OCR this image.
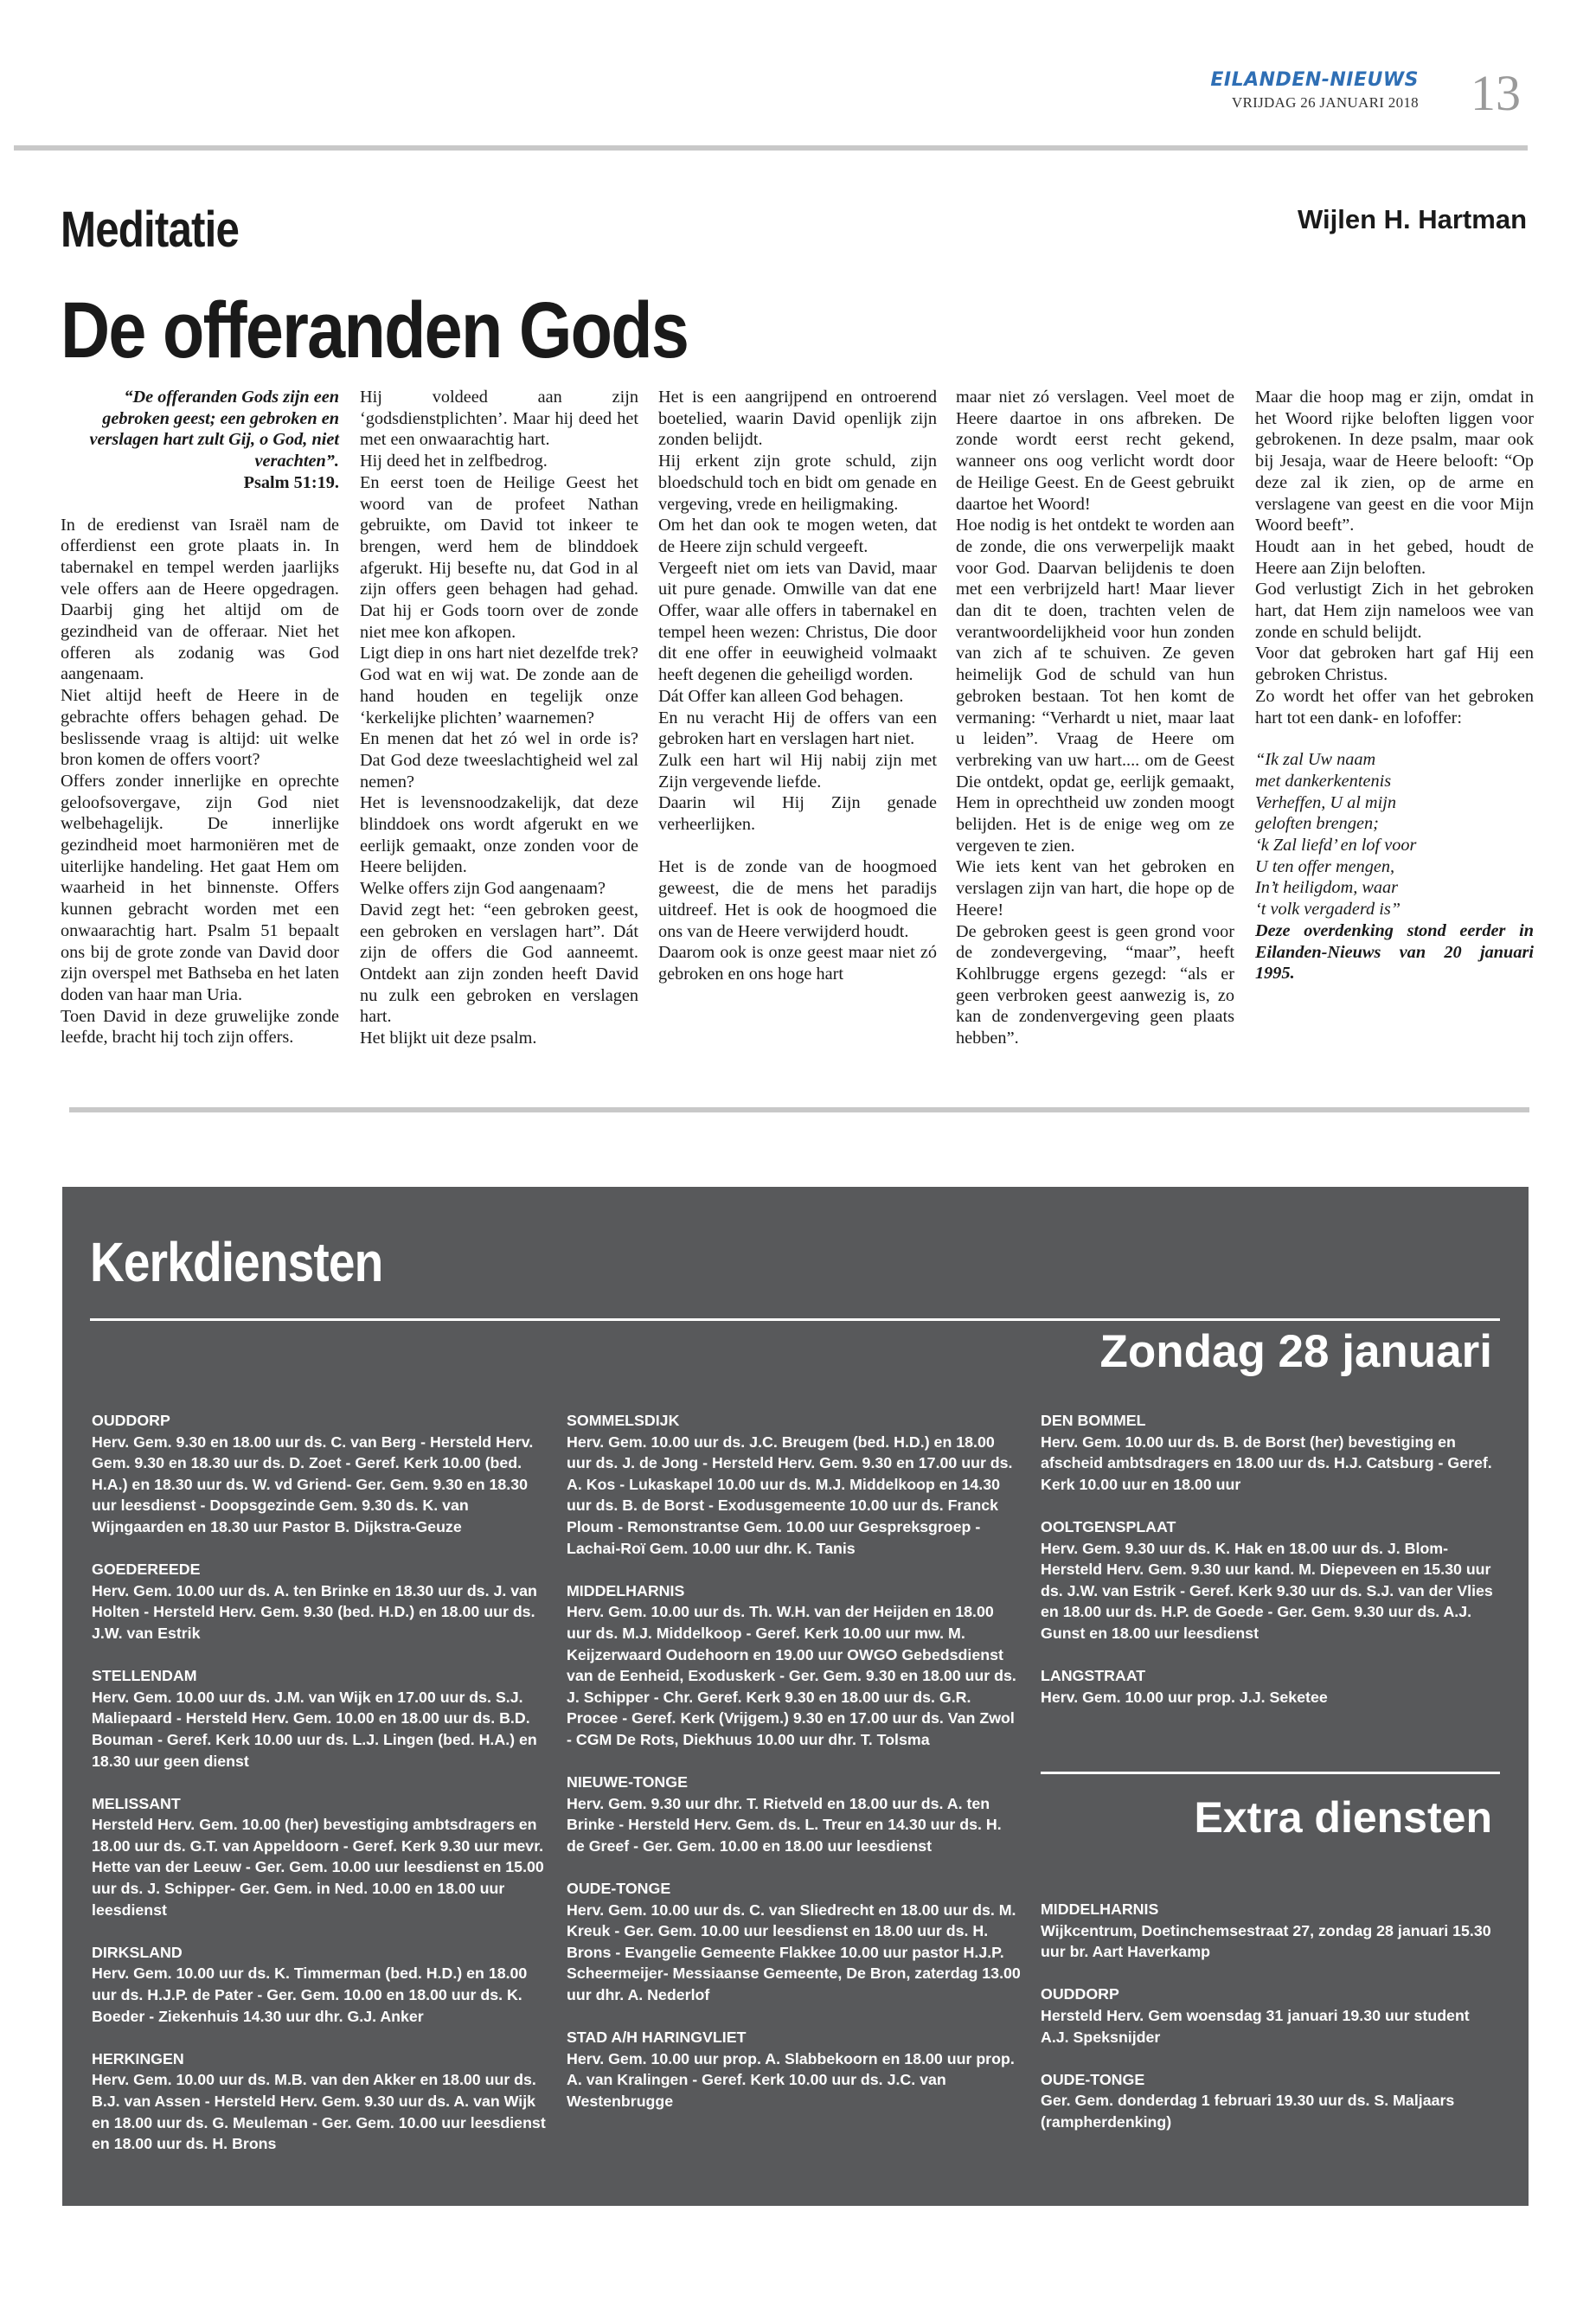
EILANDEN-NIEUWS
VRIJDAG 26 JANUARI 2018 13
Meditatie	Wijlen H. Hartman
De offeranden Gods
“De offeranden Gods zijn een gebroken geest; een gebroken en verslagen hart zult Gij, o God, niet verachten”.
Psalm 51:19.

In de eredienst van Israël nam de offerdienst een grote plaats in. In tabernakel en tempel werden jaarlijks vele offers aan de Heere opgedragen. Daarbij ging het altijd om de gezindheid van de offeraar. Niet het offeren als zodanig was God aangenaam.

Niet altijd heeft de Heere in de gebrachte offers behagen gehad. De beslissende vraag is altijd: uit welke bron komen de offers voort?

Offers zonder innerlijke en oprechte geloofsovergave, zijn God niet welbehagelijk. De innerlijke gezindheid moet harmoniëren met de uiterlijke handeling. Het gaat Hem om waarheid in het binnenste. Offers kunnen gebracht worden met een onwaarachtig hart. Psalm 51 bepaalt ons bij de grote zonde van David door zijn overspel met Bathseba en het laten doden van haar man Uria.

Toen David in deze gruwelijke zonde leefde, bracht hij toch zijn offers.

Hij voldeed aan zijn ‘godsdienstplichten’. Maar hij deed het met een onwaarachtig hart.

Hij deed het in zelfbedrog.

En eerst toen de Heilige Geest het woord van de profeet Nathan gebruikte, om David tot inkeer te brengen, werd hem de blinddoek afgerukt. Hij besefte nu, dat God in al zijn offers geen behagen had gehad. Dat hij er Gods toorn over de zonde niet mee kon afkopen.

Ligt diep in ons hart niet dezelfde trek? God wat en wij wat. De zonde aan de hand houden en tegelijk onze ‘kerkelijke plichten’ waarnemen?

En menen dat het zó wel in orde is? Dat God deze tweeslachtigheid wel zal nemen?

Het is levensnoodzakelijk, dat deze blinddoek ons wordt afgerukt en we eerlijk gemaakt, onze zonden voor de Heere belijden.

Welke offers zijn God aangenaam?

David zegt het: “een gebroken geest, een gebroken en verslagen hart”. Dát zijn de offers die God aanneemt. Ontdekt aan zijn zonden heeft David nu zulk een gebroken en verslagen hart.

Het blijkt uit deze psalm.

Het is een aangrijpend en ontroerend boetelied, waarin David openlijk zijn zonden belijdt.

Hij erkent zijn grote schuld, zijn bloedschuld toch en bidt om genade en vergeving, vrede en heiligmaking.

Om het dan ook te mogen weten, dat de Heere zijn schuld vergeeft.

Vergeeft niet om iets van David, maar uit pure genade. Omwille van dat ene Offer, waar alle offers in tabernakel en tempel heen wezen: Christus, Die door dit ene offer in eeuwigheid volmaakt heeft degenen die geheiligd worden.

Dát Offer kan alleen God behagen.

En nu veracht Hij de offers van een gebroken hart en verslagen hart niet.

Zulk een hart wil Hij nabij zijn met Zijn vergevende liefde.

Daarin wil Hij Zijn genade verheerlijken.

Het is de zonde van de hoogmoed geweest, die de mens het paradijs uitdreef. Het is ook de hoogmoed die ons van de Heere verwijderd houdt.

Daarom ook is onze geest maar niet zó gebroken en ons hoge hart

maar niet zó verslagen. Veel moet de Heere daartoe in ons afbreken. De zonde wordt eerst recht gekend, wanneer ons oog verlicht wordt door de Heilige Geest. En de Geest gebruikt daartoe het Woord!

Hoe nodig is het ontdekt te worden aan de zonde, die ons verwerpelijk maakt voor God. Daarvan belijdenis te doen met een verbrijzeld hart! Maar liever dan dit te doen, trachten velen de verantwoordelijkheid voor hun zonden van zich af te schuiven. Ze geven heimelijk God de schuld van hun gebroken bestaan. Tot hen komt de vermaning: “Verhardt u niet, maar laat u leiden”. Vraag de Heere om verbreking van uw hart.... om de Geest Die ontdekt, opdat ge, eerlijk gemaakt, Hem in oprechtheid uw zonden moogt belijden. Het is de enige weg om ze vergeven te zien.

Wie iets kent van het gebroken en verslagen zijn van hart, die hope op de Heere!

De gebroken geest is geen grond voor de zondevergeving, “maar”, heeft Kohlbrugge ergens gezegd: “als er geen verbroken geest aanwezig is, zo kan de zondenvergeving geen plaats hebben”.

Maar die hoop mag er zijn, omdat in het Woord rijke beloften liggen voor gebrokenen. In deze psalm, maar ook bij Jesaja, waar de Heere belooft: “Op deze zal ik zien, op de arme en verslagene van geest en die voor Mijn Woord beeft”.

Houdt aan in het gebed, houdt de Heere aan Zijn beloften.

God verlustigt Zich in het gebroken hart, dat Hem zijn nameloos wee van zonde en schuld belijdt.

Voor dat gebroken hart gaf Hij een gebroken Christus.

Zo wordt het offer van het gebroken hart tot een dank- en lofoffer:

“Ik zal Uw naam
met dankerkentenis
Verheffen, U al mijn
geloften brengen;
‘k Zal liefd’ en lof voor
U ten offer mengen,
In’t heiligdom, waar
‘t volk vergaderd is”

Deze overdenking stond eerder in Eilanden-Nieuws van 20 januari 1995.

Kerkdiensten
Zondag 28 januari
OUDDORP
Herv. Gem. 9.30 en 18.00 uur ds. C. van Berg - Hersteld Herv. Gem. 9.30 en 18.30 uur ds. D. Zoet - Geref. Kerk 10.00 (bed. H.A.) en 18.30 uur ds. W. vd Griend- Ger. Gem. 9.30 en 18.30 uur leesdienst - Doopsgezinde Gem. 9.30 ds. K. van Wijngaarden en 18.30 uur Pastor B. Dijkstra-Geuze
GOEDEREEDE
Herv. Gem. 10.00 uur ds. A. ten Brinke en 18.30 uur ds. J. van Holten - Hersteld Herv. Gem. 9.30 (bed. H.D.) en 18.00 uur ds. J.W. van Estrik
STELLENDAM
Herv. Gem. 10.00 uur ds. J.M. van Wijk en 17.00 uur ds. S.J. Maliepaard - Hersteld Herv. Gem. 10.00 en 18.00 uur ds. B.D. Bouman - Geref. Kerk 10.00 uur ds. L.J. Lingen (bed. H.A.) en 18.30 uur geen dienst
MELISSANT
Hersteld Herv. Gem. 10.00 (her) bevestiging ambtsdragers en 18.00 uur ds. G.T. van Appeldoorn - Geref. Kerk 9.30 uur mevr. Hette van der Leeuw - Ger. Gem. 10.00 uur leesdienst en 15.00 uur ds. J. Schipper- Ger. Gem. in Ned. 10.00 en 18.00 uur leesdienst
DIRKSLAND
Herv. Gem. 10.00 uur ds. K. Timmerman (bed. H.D.) en 18.00 uur ds. H.J.P. de Pater - Ger. Gem. 10.00 en 18.00 uur ds. K. Boeder - Ziekenhuis 14.30 uur dhr. G.J. Anker
HERKINGEN
Herv. Gem. 10.00 uur ds. M.B. van den Akker en 18.00 uur ds. B.J. van Assen - Hersteld Herv. Gem. 9.30 uur ds. A. van Wijk en 18.00 uur ds. G. Meuleman - Ger. Gem. 10.00 uur leesdienst en 18.00 uur ds. H. Brons
SOMMELSDIJK
Herv. Gem. 10.00 uur ds. J.C. Breugem (bed. H.D.) en 18.00 uur ds. J. de Jong - Hersteld Herv. Gem. 9.30 en 17.00 uur ds. A. Kos - Lukaskapel 10.00 uur ds. M.J. Middelkoop en 14.30 uur ds. B. de Borst - Exodusgemeente 10.00 uur ds. Franck Ploum - Remonstrantse Gem. 10.00 uur Gespreksgroep - Lachai-Roï Gem. 10.00 uur dhr. K. Tanis
MIDDELHARNIS
Herv. Gem. 10.00 uur ds. Th. W.H. van der Heijden en 18.00 uur ds. M.J. Middelkoop - Geref. Kerk 10.00 uur mw. M. Keijzerwaard Oudehoorn en 19.00 uur OWGO Gebedsdienst van de Eenheid, Exoduskerk - Ger. Gem. 9.30 en 18.00 uur ds. J. Schipper - Chr. Geref. Kerk 9.30 en 18.00 uur ds. G.R. Procee - Geref. Kerk (Vrijgem.) 9.30 en 17.00 uur ds. Van Zwol - CGM De Rots, Diekhuus 10.00 uur dhr. T. Tolsma
NIEUWE-TONGE
Herv. Gem. 9.30 uur dhr. T. Rietveld en 18.00 uur ds. A. ten Brinke - Hersteld Herv. Gem. ds. L. Treur en 14.30 uur ds. H. de Greef - Ger. Gem. 10.00 en 18.00 uur leesdienst
OUDE-TONGE
Herv. Gem. 10.00 uur ds. C. van Sliedrecht en 18.00 uur ds. M. Kreuk - Ger. Gem. 10.00 uur leesdienst en 18.00 uur ds. H. Brons - Evangelie Gemeente Flakkee 10.00 uur pastor H.J.P. Scheermeijer- Messiaanse Gemeente, De Bron, zaterdag 13.00 uur dhr. A. Nederlof
STAD A/H HARINGVLIET
Herv. Gem. 10.00 uur prop. A. Slabbekoorn en 18.00 uur prop. A. van Kralingen - Geref. Kerk 10.00 uur ds. J.C. van Westenbrugge
DEN BOMMEL
Herv. Gem. 10.00 uur ds. B. de Borst (her) bevestiging en afscheid ambtsdragers en 18.00 uur ds. H.J. Catsburg - Geref. Kerk 10.00 uur en 18.00 uur
OOLTGENSPLAAT
Herv. Gem. 9.30 uur ds. K. Hak en 18.00 uur ds. J. Blom- Hersteld Herv. Gem. 9.30 uur kand. M. Diepeveen en 15.30 uur ds. J.W. van Estrik - Geref. Kerk 9.30 uur ds. S.J. van der Vlies en 18.00 uur ds. H.P. de Goede - Ger. Gem. 9.30 uur ds. A.J. Gunst en 18.00 uur leesdienst
LANGSTRAAT
Herv. Gem. 10.00 uur prop. J.J. Seketee
Extra diensten
MIDDELHARNIS
Wijkcentrum, Doetinchemsestraat 27, zondag 28 januari 15.30 uur br. Aart Haverkamp
OUDDORP
Hersteld Herv. Gem woensdag 31 januari 19.30 uur student A.J. Speksnijder
OUDE-TONGE
Ger. Gem. donderdag 1 februari 19.30 uur ds. S. Maljaars (rampherdenking)
